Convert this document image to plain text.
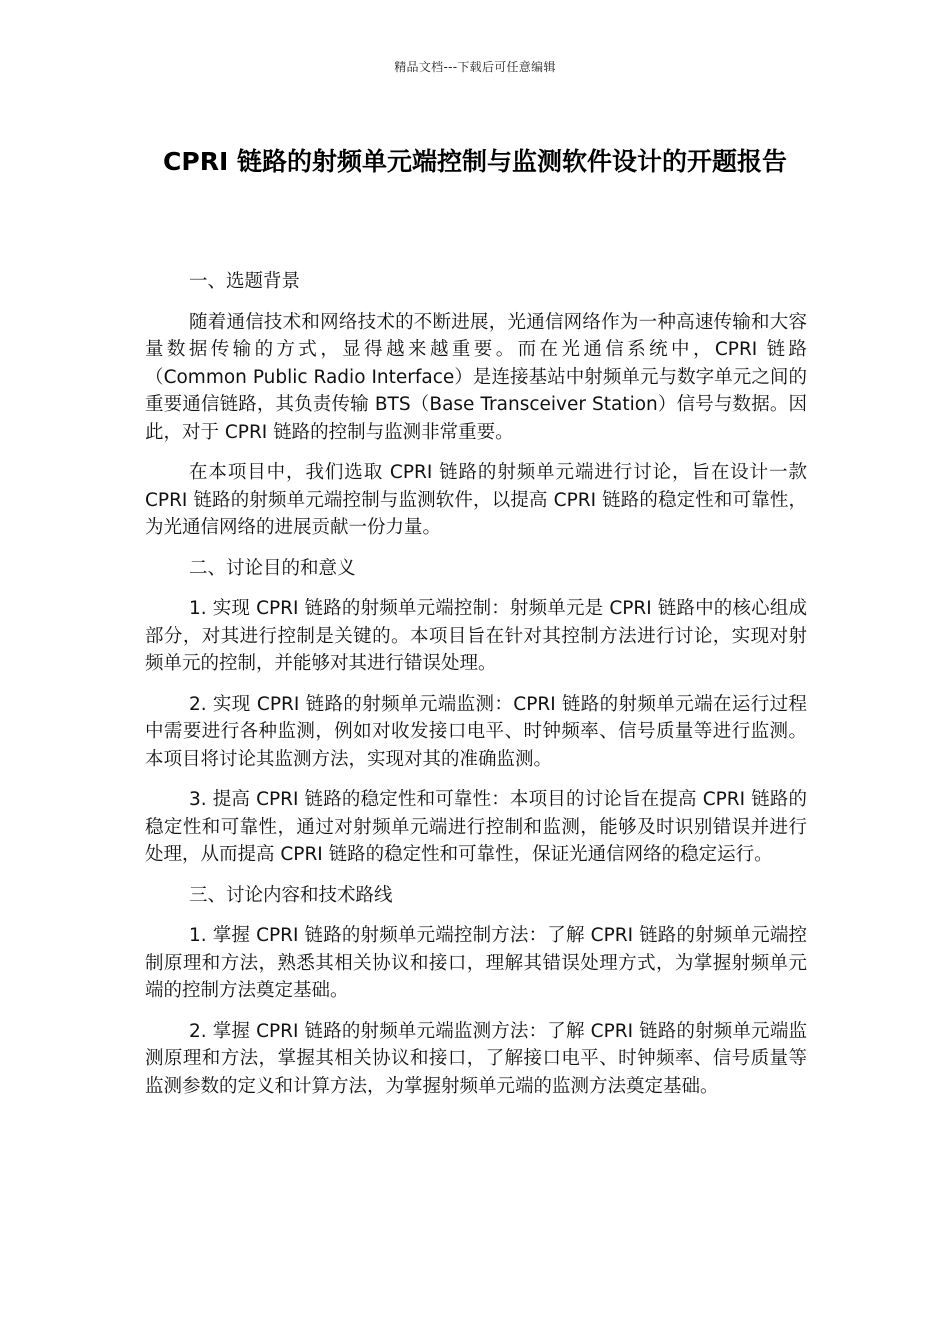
精品文档---下载后可任意编辑
CPRI 链路的射频单元端控制与监测软件设计的开题报告

一、选题背景

随着通信技术和网络技术的不断进展，光通信网络作为一种高速传输和大容量数据传输的方式，显得越来越重要。而在光通信系统中，CPRI 链路（Common Public Radio Interface）是连接基站中射频单元与数字单元之间的重要通信链路，其负责传输 BTS（Base Transceiver Station）信号与数据。因此，对于 CPRI 链路的控制与监测非常重要。

在本项目中，我们选取 CPRI 链路的射频单元端进行讨论，旨在设计一款 CPRI 链路的射频单元端控制与监测软件，以提高 CPRI 链路的稳定性和可靠性，为光通信网络的进展贡献一份力量。

二、讨论目的和意义

1. 实现 CPRI 链路的射频单元端控制：射频单元是 CPRI 链路中的核心组成部分，对其进行控制是关键的。本项目旨在针对其控制方法进行讨论，实现对射频单元的控制，并能够对其进行错误处理。

2. 实现 CPRI 链路的射频单元端监测：CPRI 链路的射频单元端在运行过程中需要进行各种监测，例如对收发接口电平、时钟频率、信号质量等进行监测。本项目将讨论其监测方法，实现对其的准确监测。

3. 提高 CPRI 链路的稳定性和可靠性：本项目的讨论旨在提高 CPRI 链路的稳定性和可靠性，通过对射频单元端进行控制和监测，能够及时识别错误并进行处理，从而提高 CPRI 链路的稳定性和可靠性，保证光通信网络的稳定运行。

三、讨论内容和技术路线

1. 掌握 CPRI 链路的射频单元端控制方法：了解 CPRI 链路的射频单元端控制原理和方法，熟悉其相关协议和接口，理解其错误处理方式，为掌握射频单元端的控制方法奠定基础。

2. 掌握 CPRI 链路的射频单元端监测方法：了解 CPRI 链路的射频单元端监测原理和方法，掌握其相关协议和接口，了解接口电平、时钟频率、信号质量等监测参数的定义和计算方法，为掌握射频单元端的监测方法奠定基础。
